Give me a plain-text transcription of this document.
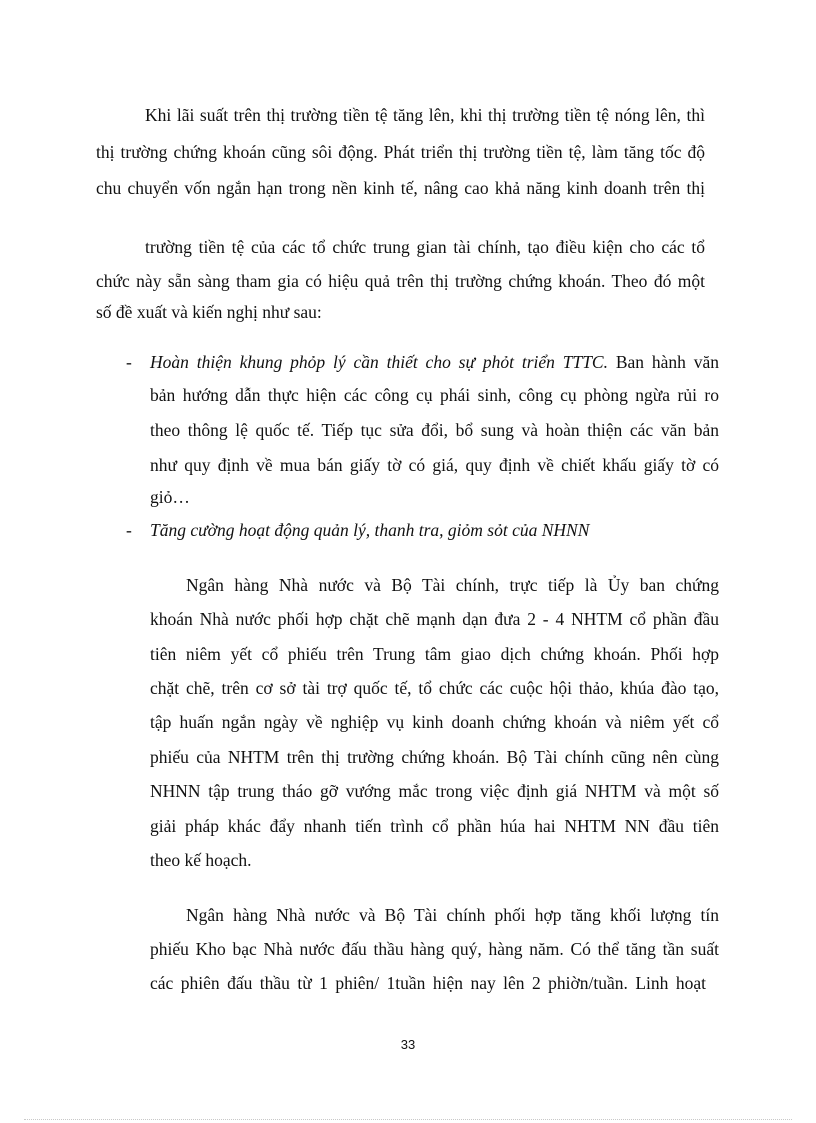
Khi lãi suất trên thị trường tiền tệ tăng lên, khi thị trường tiền tệ nóng lên, thì
thị trường chứng khoán cũng sôi động. Phát triển thị trường tiền tệ, làm tăng tốc độ
chu chuyển vốn ngắn hạn trong nền kinh tế, nâng cao khả năng kinh doanh trên thị
trường tiền tệ của các tổ chức trung gian tài chính, tạo điều kiện cho các tổ
chức này sẵn sàng tham gia có hiệu quả trên thị trường chứng khoán. Theo đó một
số đề xuất và kiến nghị như sau:
- Hoàn thiện khung phỏp lý cần thiết cho sự phỏt triển TTTC. Ban hành văn
bản hướng dẫn thực hiện các công cụ phái sinh, công cụ phòng ngừa rủi ro
theo thông lệ quốc tế. Tiếp tục sửa đổi, bổ sung và hoàn thiện các văn bản
như quy định về mua bán giấy tờ có giá, quy định về chiết khấu giấy tờ có
giỏ…
- Tăng cường hoạt động quản lý, thanh tra, giỏm sỏt của NHNN
Ngân hàng Nhà nước và Bộ Tài chính, trực tiếp là Ủy ban chứng
khoán Nhà nước phối hợp chặt chẽ mạnh dạn đưa 2 - 4 NHTM cổ phần đầu
tiên niêm yết cổ phiếu trên Trung tâm giao dịch chứng khoán. Phối hợp
chặt chẽ, trên cơ sở tài trợ quốc tế, tổ chức các cuộc hội thảo, khúa đào tạo,
tập huấn ngắn ngày về nghiệp vụ kinh doanh chứng khoán và niêm yết cổ
phiếu của NHTM trên thị trường chứng khoán. Bộ Tài chính cũng nên cùng
NHNN tập trung tháo gỡ vướng mắc trong việc định giá NHTM và một số
giải pháp khác đẩy nhanh tiến trình cổ phần húa hai NHTM NN đầu tiên
theo kế hoạch.
Ngân hàng Nhà nước và Bộ Tài chính phối hợp tăng khối lượng tín
phiếu Kho bạc Nhà nước đấu thầu hàng quý, hàng năm. Có thể tăng tần suất
các phiên đấu thầu từ 1 phiên/ 1tuần hiện nay lên 2 phiờn/tuần. Linh hoạt
33
